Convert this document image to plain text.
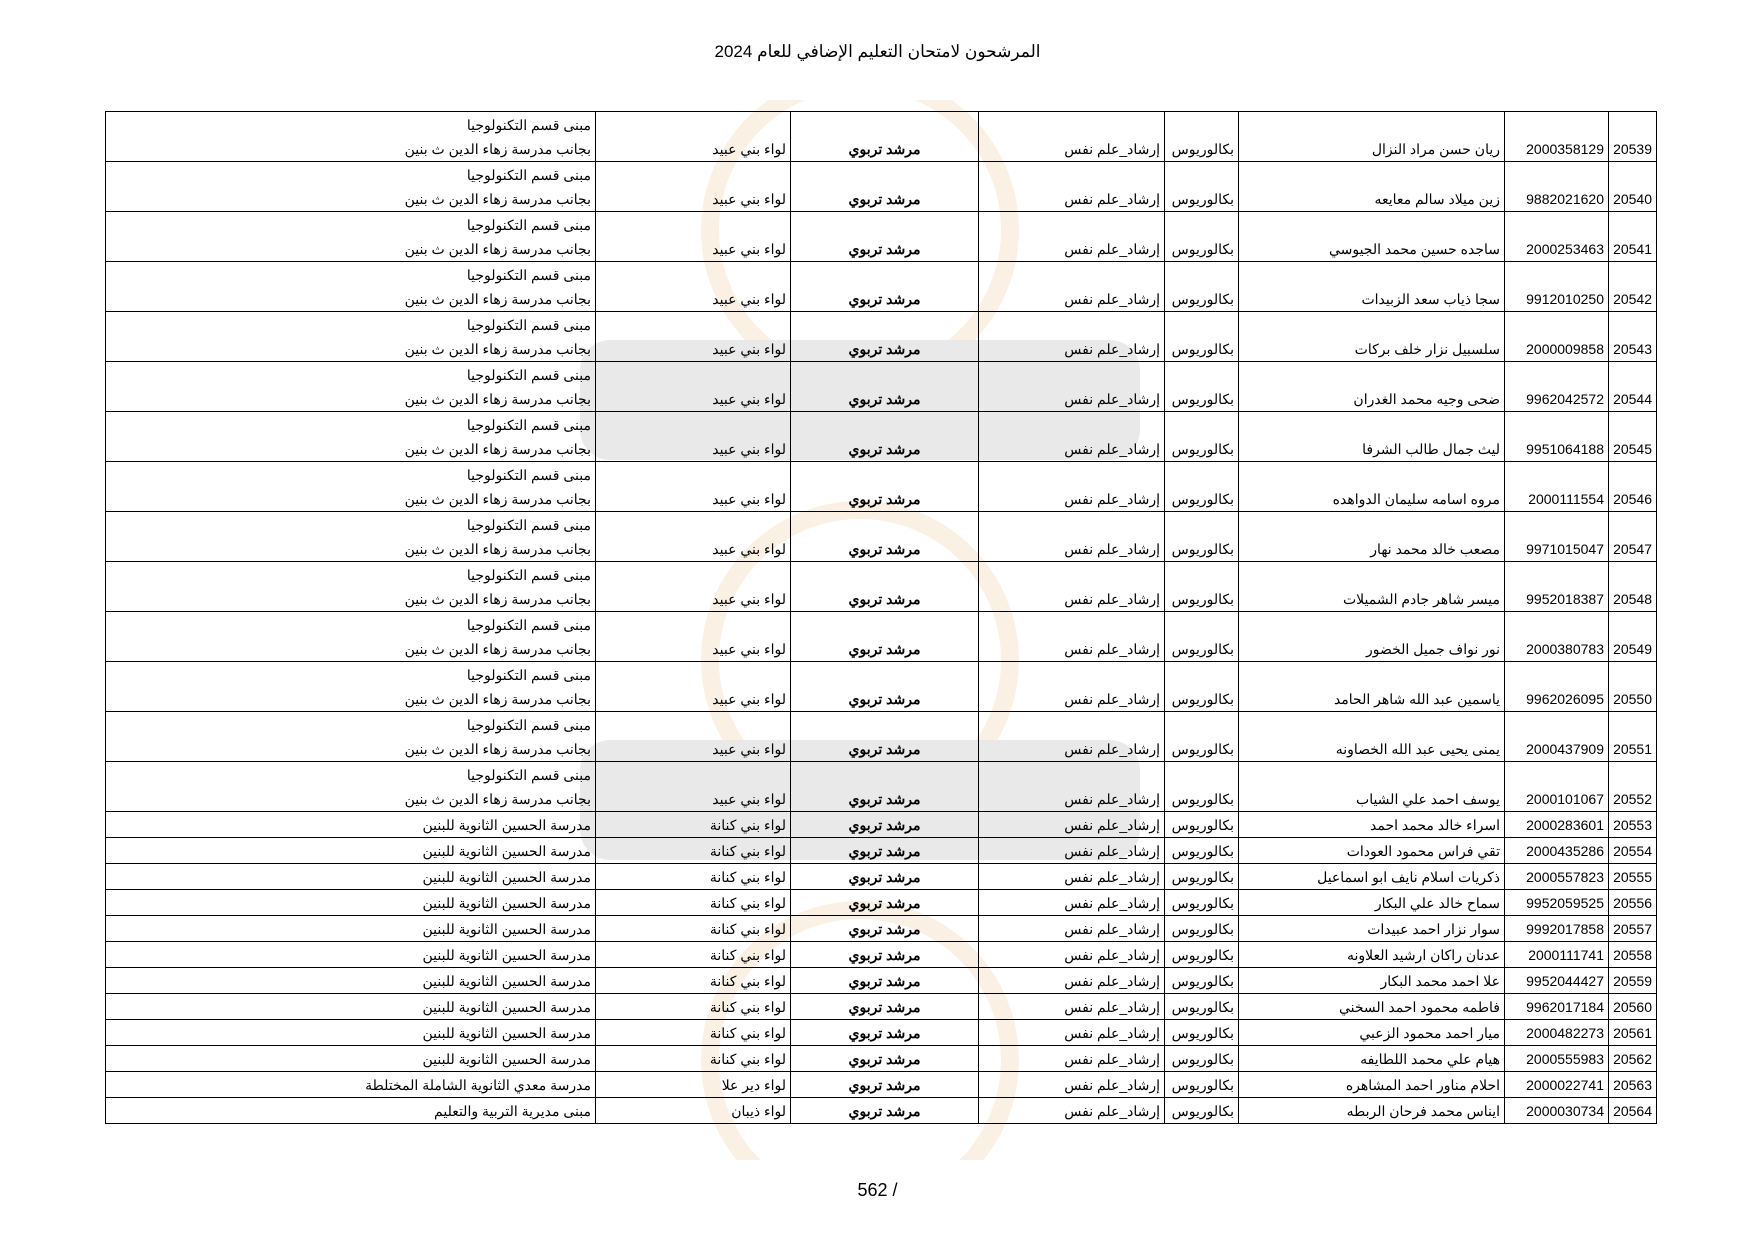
المرشحون لامتحان التعليم الإضافي للعام 2024
20539	2000358129	ريان حسن مراد النزال	بكالوريوس	إرشاد_علم نفس	مرشد تربوي	لواء بني عبيد	مبنى قسم التكنولوجيا
بجانب مدرسة زهاء الدين ث بنين

20540	9882021620	زين ميلاد سالم معايعه	بكالوريوس	إرشاد_علم نفس	مرشد تربوي	لواء بني عبيد	مبنى قسم التكنولوجيا
بجانب مدرسة زهاء الدين ث بنين

20541	2000253463	ساجده حسين محمد الجيوسي	بكالوريوس	إرشاد_علم نفس	مرشد تربوي	لواء بني عبيد	مبنى قسم التكنولوجيا
بجانب مدرسة زهاء الدين ث بنين

20542	9912010250	سجا ذياب سعد الزبيدات	بكالوريوس	إرشاد_علم نفس	مرشد تربوي	لواء بني عبيد	مبنى قسم التكنولوجيا
بجانب مدرسة زهاء الدين ث بنين

20543	2000009858	سلسبيل نزار خلف بركات	بكالوريوس	إرشاد_علم نفس	مرشد تربوي	لواء بني عبيد	مبنى قسم التكنولوجيا
بجانب مدرسة زهاء الدين ث بنين

20544	9962042572	ضحى وجيه محمد الغدران	بكالوريوس	إرشاد_علم نفس	مرشد تربوي	لواء بني عبيد	مبنى قسم التكنولوجيا
بجانب مدرسة زهاء الدين ث بنين

20545	9951064188	ليث جمال طالب الشرفا	بكالوريوس	إرشاد_علم نفس	مرشد تربوي	لواء بني عبيد	مبنى قسم التكنولوجيا
بجانب مدرسة زهاء الدين ث بنين

20546	2000111554	مروه اسامه سليمان الدواهده	بكالوريوس	إرشاد_علم نفس	مرشد تربوي	لواء بني عبيد	مبنى قسم التكنولوجيا
بجانب مدرسة زهاء الدين ث بنين

20547	9971015047	مصعب خالد محمد نهار	بكالوريوس	إرشاد_علم نفس	مرشد تربوي	لواء بني عبيد	مبنى قسم التكنولوجيا
بجانب مدرسة زهاء الدين ث بنين

20548	9952018387	ميسر شاهر جادم الشميلات	بكالوريوس	إرشاد_علم نفس	مرشد تربوي	لواء بني عبيد	مبنى قسم التكنولوجيا
بجانب مدرسة زهاء الدين ث بنين

20549	2000380783	نور نواف جميل الخضور	بكالوريوس	إرشاد_علم نفس	مرشد تربوي	لواء بني عبيد	مبنى قسم التكنولوجيا
بجانب مدرسة زهاء الدين ث بنين

20550	9962026095	ياسمين عبد الله شاهر الحامد	بكالوريوس	إرشاد_علم نفس	مرشد تربوي	لواء بني عبيد	مبنى قسم التكنولوجيا
بجانب مدرسة زهاء الدين ث بنين

20551	2000437909	يمنى يحيى عبد الله الخصاونه	بكالوريوس	إرشاد_علم نفس	مرشد تربوي	لواء بني عبيد	مبنى قسم التكنولوجيا
بجانب مدرسة زهاء الدين ث بنين

20552	2000101067	يوسف احمد علي الشياب	بكالوريوس	إرشاد_علم نفس	مرشد تربوي	لواء بني عبيد	مبنى قسم التكنولوجيا
بجانب مدرسة زهاء الدين ث بنين

20553	2000283601	اسراء خالد محمد احمد	بكالوريوس	إرشاد_علم نفس	مرشد تربوي	لواء بني كنانة	مدرسة الحسين الثانوية للبنين

20554	2000435286	تقي فراس محمود العودات	بكالوريوس	إرشاد_علم نفس	مرشد تربوي	لواء بني كنانة	مدرسة الحسين الثانوية للبنين

20555	2000557823	ذكريات اسلام نايف ابو اسماعيل	بكالوريوس	إرشاد_علم نفس	مرشد تربوي	لواء بني كنانة	مدرسة الحسين الثانوية للبنين

20556	9952059525	سماح خالد علي البكار	بكالوريوس	إرشاد_علم نفس	مرشد تربوي	لواء بني كنانة	مدرسة الحسين الثانوية للبنين

20557	9992017858	سوار نزار احمد عبيدات	بكالوريوس	إرشاد_علم نفس	مرشد تربوي	لواء بني كنانة	مدرسة الحسين الثانوية للبنين

20558	2000111741	عدنان راكان ارشيد العلاونه	بكالوريوس	إرشاد_علم نفس	مرشد تربوي	لواء بني كنانة	مدرسة الحسين الثانوية للبنين

20559	9952044427	علا احمد محمد البكار	بكالوريوس	إرشاد_علم نفس	مرشد تربوي	لواء بني كنانة	مدرسة الحسين الثانوية للبنين

20560	9962017184	فاطمه محمود احمد السخني	بكالوريوس	إرشاد_علم نفس	مرشد تربوي	لواء بني كنانة	مدرسة الحسين الثانوية للبنين

20561	2000482273	ميار احمد محمود الزعبي	بكالوريوس	إرشاد_علم نفس	مرشد تربوي	لواء بني كنانة	مدرسة الحسين الثانوية للبنين

20562	2000555983	هيام علي محمد اللطايفه	بكالوريوس	إرشاد_علم نفس	مرشد تربوي	لواء بني كنانة	مدرسة الحسين الثانوية للبنين

20563	2000022741	احلام مناور احمد المشاهره	بكالوريوس	إرشاد_علم نفس	مرشد تربوي	لواء دير علا	مدرسة معدي الثانوية الشاملة المختلطة

20564	2000030734	ايناس محمد فرحان الربطه	بكالوريوس	إرشاد_علم نفس	مرشد تربوي	لواء ذيبان	مبنى مديرية التربية والتعليم
562 /
